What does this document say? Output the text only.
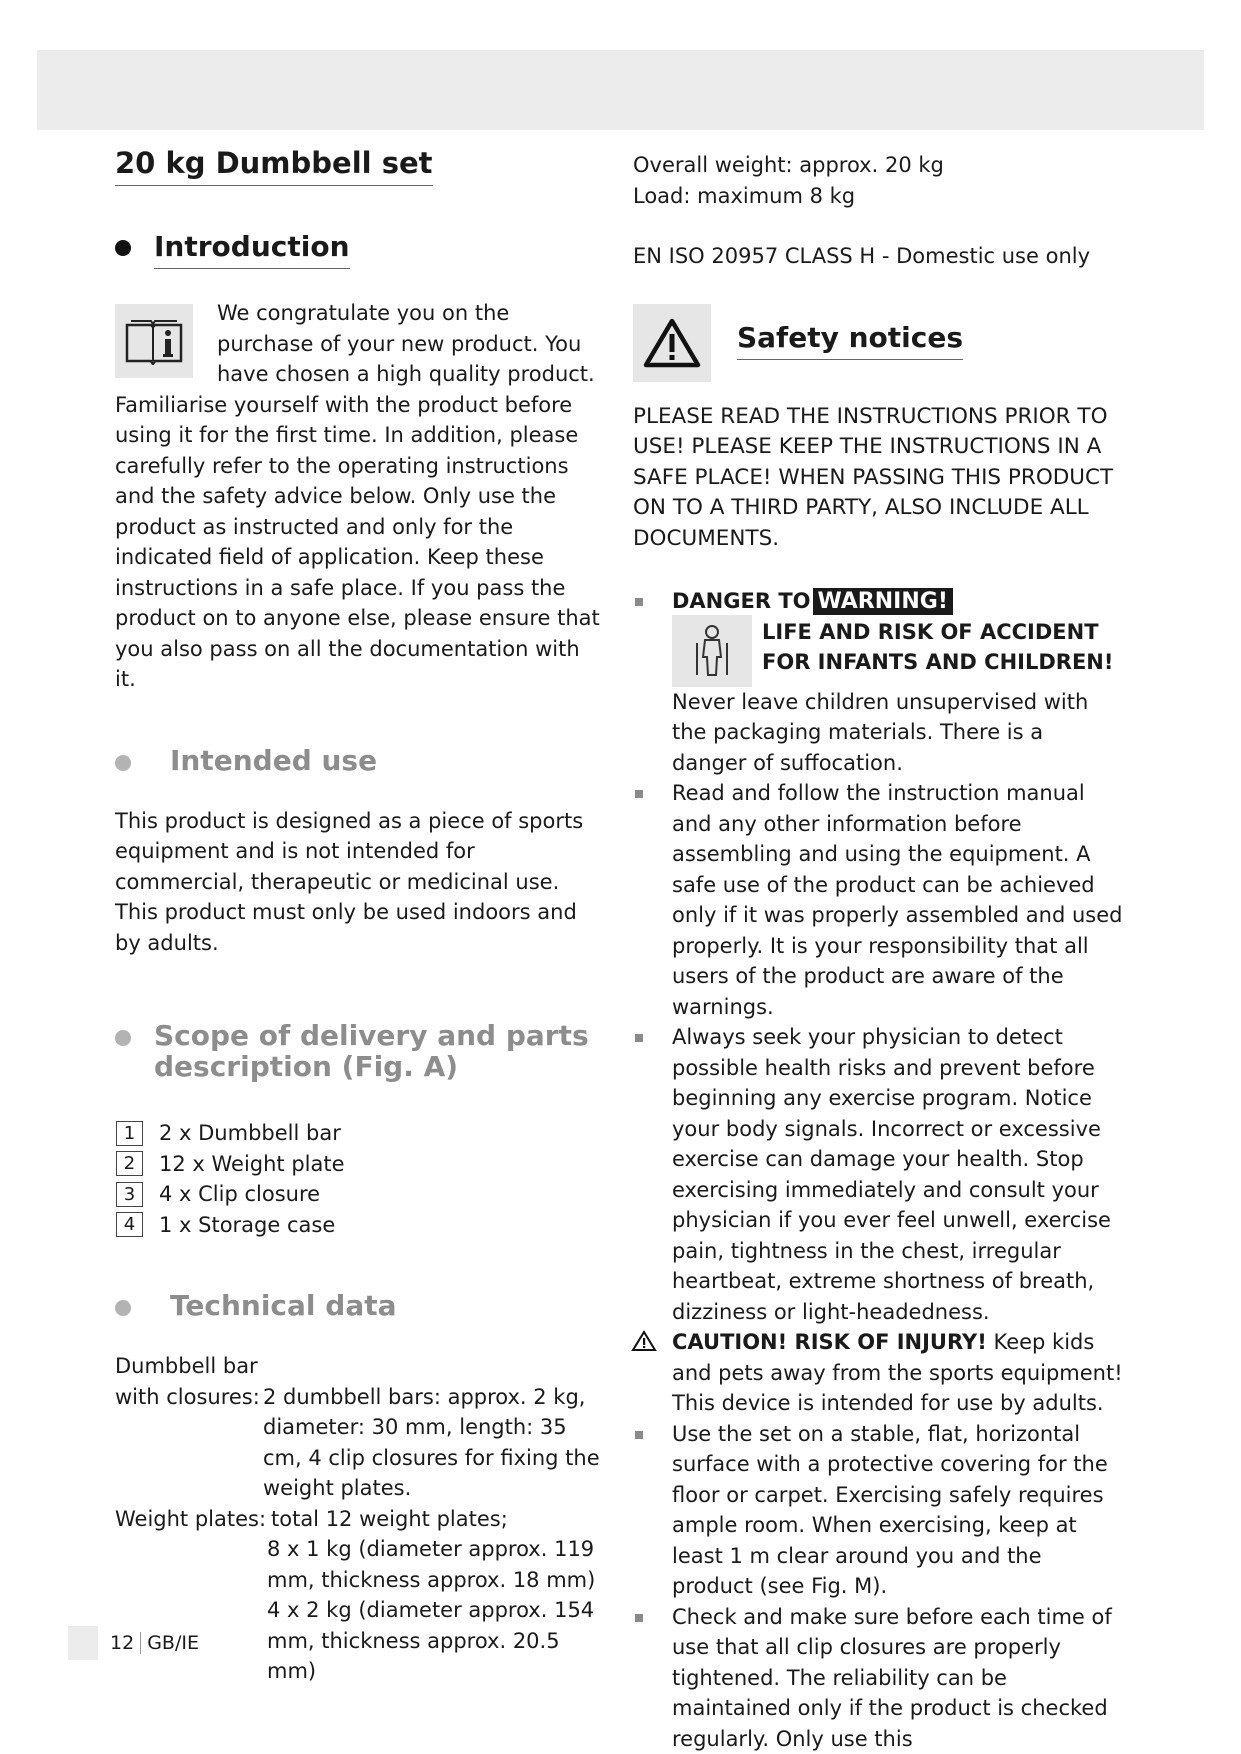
20 kg Dumbbell set
Introduction

We congratulate you on the purchase of your new product. You have chosen a high quality product. Familiarise yourself with the product before using it for the first time. In addition, please carefully refer to the operating instructions and the safety advice below. Only use the product as instructed and only for the indicated field of application. Keep these instructions in a safe place. If you pass the product on to anyone else, please ensure that you also pass on all the documentation with it.

Intended use

This product is designed as a piece of sports equipment and is not intended for commercial, therapeutic or medicinal use. This product must only be used indoors and by adults.

Scope of delivery and parts
description (Fig. A)
1	2 x Dumbbell bar
2	12 x Weight plate
3	4 x Clip closure
4	1 x Storage case
Technical data
Dumbbell bar
with closures: 2 dumbbell bars: approx. 2 kg, diameter: 30 mm, length: 35 cm, 4 clip closures for fixing the weight plates.
Weight plates: total 12 weight plates;
8 x 1 kg (diameter approx. 119 mm, thickness approx. 18 mm)
4 x 2 kg (diameter approx. 154 mm, thickness approx. 20.5 mm)
Overall weight: approx. 20 kg
Load: maximum 8 kg
EN ISO 20957 CLASS H - Domestic use only
Safety notices

PLEASE READ THE INSTRUCTIONS PRIOR TO USE! PLEASE KEEP THE INSTRUCTIONS IN A SAFE PLACE! WHEN PASSING THIS PRODUCT ON TO A THIRD PARTY, ALSO INCLUDE ALL DOCUMENTS.

DANGER TO WARNING!
LIFE AND RISK OF ACCIDENT
FOR INFANTS AND CHILDREN!
Never leave children unsupervised with the packaging materials. There is a danger of suffocation.
Read and follow the instruction manual and any other information before assembling and using the equipment. A safe use of the product can be achieved only if it was properly assembled and used properly. It is your responsibility that all users of the product are aware of the warnings.
Always seek your physician to detect possible health risks and prevent before beginning any exercise program. Notice your body signals. Incorrect or excessive exercise can damage your health. Stop exercising immediately and consult your physician if you ever feel unwell, exercise pain, tightness in the chest, irregular heartbeat, extreme shortness of breath, dizziness or light-headedness.
CAUTION! RISK OF INJURY! Keep kids and pets away from the sports equipment! This device is intended for use by adults.
Use the set on a stable, flat, horizontal surface with a protective covering for the floor or carpet. Exercising safely requires ample room. When exercising, keep at least 1 m clear around you and the product (see Fig. M).
Check and make sure before each time of use that all clip closures are properly tightened. The reliability can be maintained only if the product is checked regularly. Only use this
12 GB/IE
